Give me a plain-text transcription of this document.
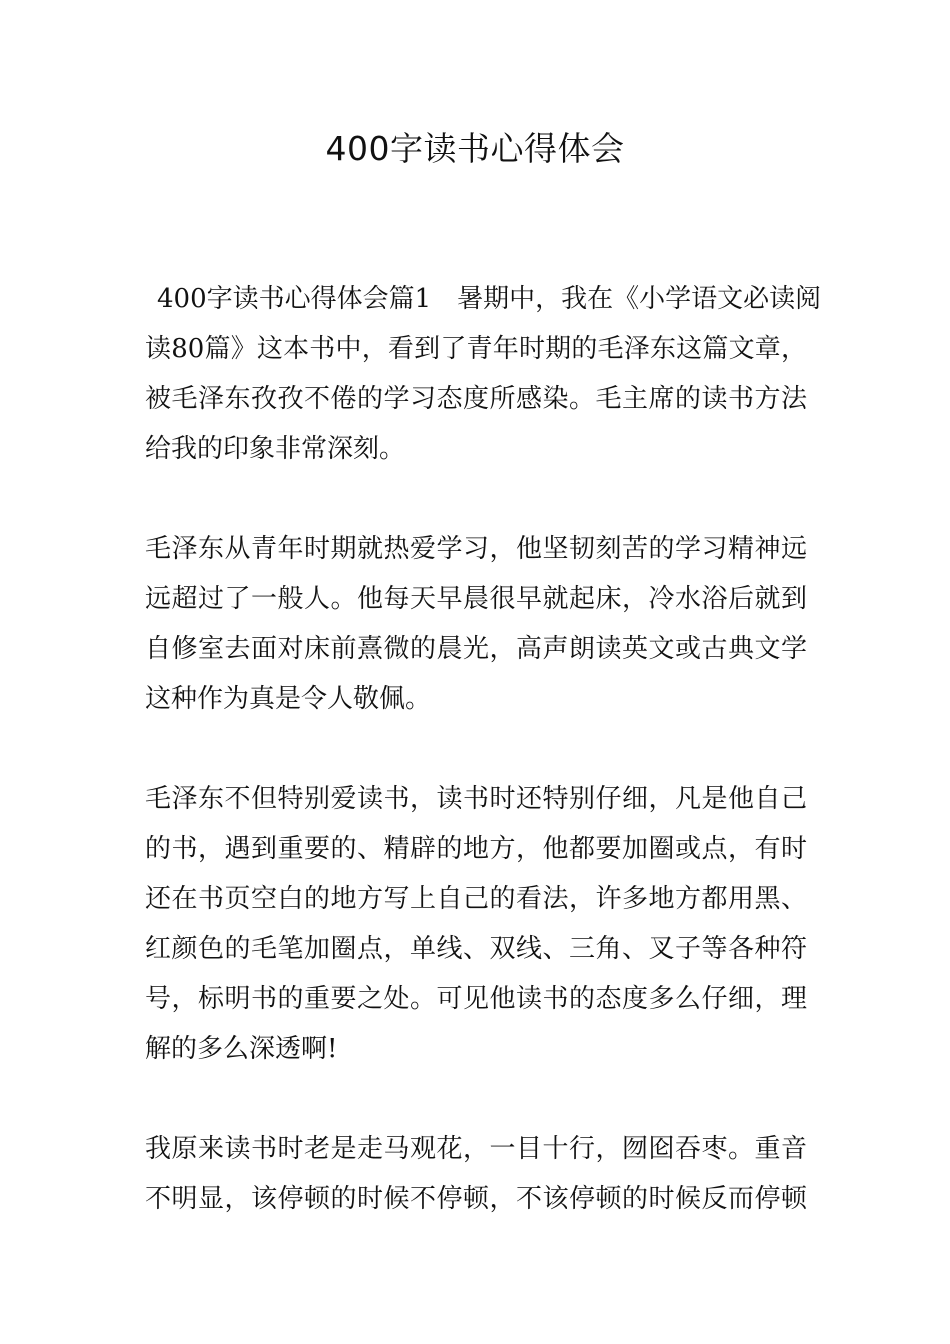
400字读书心得体会
400字读书心得体会篇1　暑期中，我在《小学语文必读阅
读80篇》这本书中，看到了青年时期的毛泽东这篇文章，
被毛泽东孜孜不倦的学习态度所感染。毛主席的读书方法
给我的印象非常深刻。
毛泽东从青年时期就热爱学习，他坚韧刻苦的学习精神远
远超过了一般人。他每天早晨很早就起床，冷水浴后就到
自修室去面对床前熹微的晨光，高声朗读英文或古典文学
这种作为真是令人敬佩。
毛泽东不但特别爱读书，读书时还特别仔细，凡是他自己
的书，遇到重要的、精辟的地方，他都要加圈或点，有时
还在书页空白的地方写上自己的看法，许多地方都用黑、
红颜色的毛笔加圈点，单线、双线、三角、叉子等各种符
号，标明书的重要之处。可见他读书的态度多么仔细，理
解的多么深透啊!
我原来读书时老是走马观花，一目十行，囫囵吞枣。重音
不明显，该停顿的时候不停顿，不该停顿的时候反而停顿
